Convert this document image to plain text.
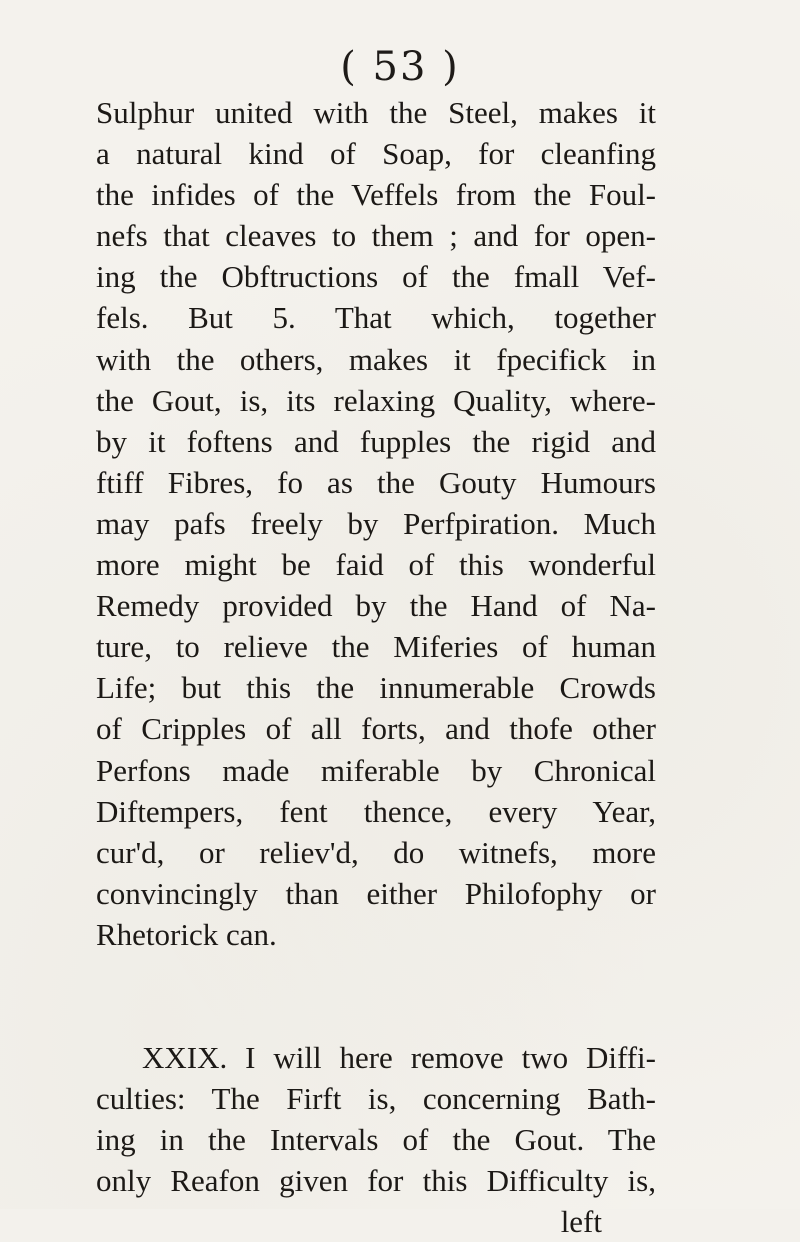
( 53 )
Sulphur united with the Steel, makes it
a natural kind of Soap, for cleanfing
the infides of the Veffels from the Foul-
nefs that cleaves to them ; and for open-
ing the Obftructions of the fmall Vef-
fels. But 5. That which, together
with the others, makes it fpecifick in
the Gout, is, its relaxing Quality, where-
by it foftens and fupples the rigid and
ftiff Fibres, fo as the Gouty Humours
may pafs freely by Perfpiration. Much
more might be faid of this wonderful
Remedy provided by the Hand of Na-
ture, to relieve the Miferies of human
Life; but this the innumerable Crowds
of Cripples of all forts, and thofe other
Perfons made miferable by Chronical
Diftempers, fent thence, every Year,
cur'd, or reliev'd, do witnefs, more
convincingly than either Philofophy or
Rhetorick can.
XXIX. I will here remove two Diffi-
culties: The Firft is, concerning Bath-
ing in the Intervals of the Gout. The
only Reafon given for this Difficulty is,
left
